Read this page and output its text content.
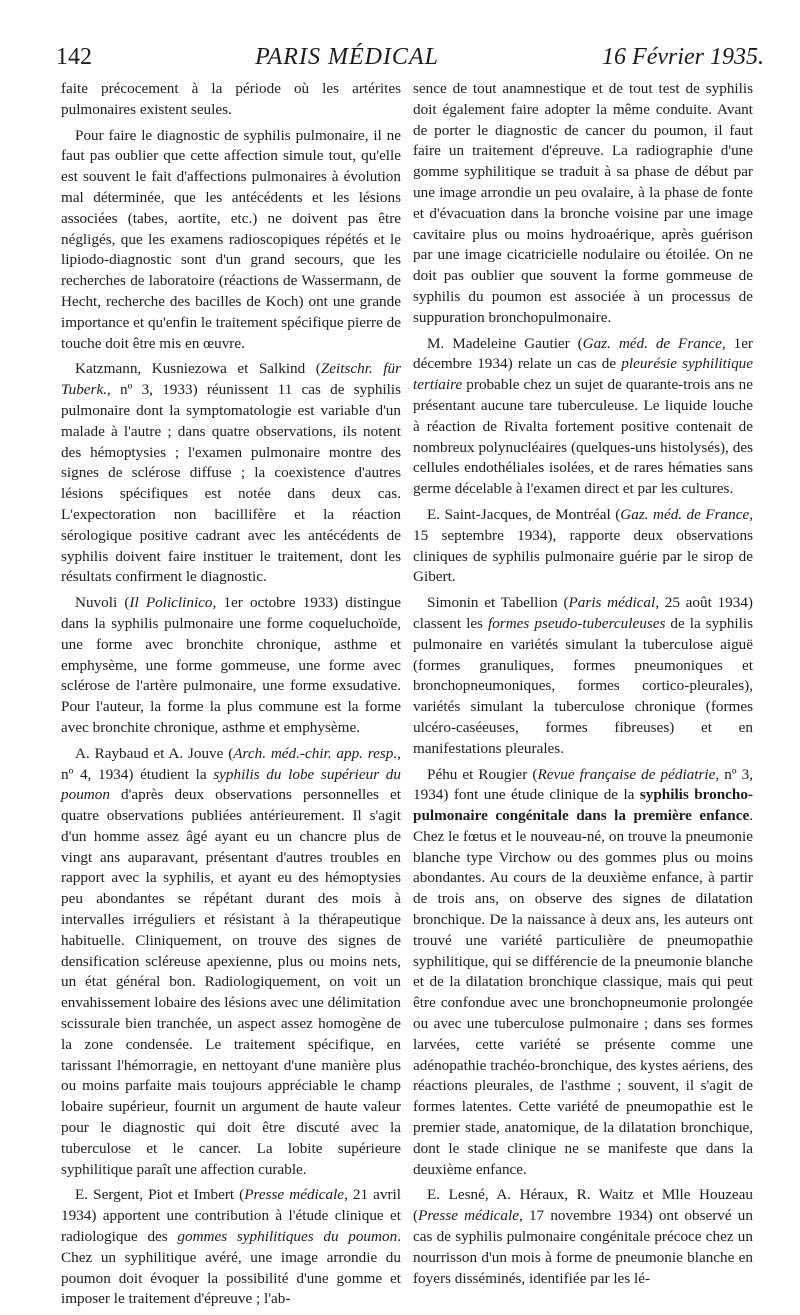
142	PARIS MÉDICAL	16 Février 1935.

faite précocement à la période où les artérites pulmonaires existent seules.

Pour faire le diagnostic de syphilis pulmonaire, il ne faut pas oublier que cette affection simule tout, qu'elle est souvent le fait d'affections pulmonaires à évolution mal déterminée, que les antécédents et les lésions associées (tabes, aortite, etc.) ne doivent pas être négligés, que les examens radioscopiques répétés et le lipiodo-diagnostic sont d'un grand secours, que les recherches de laboratoire (réactions de Wassermann, de Hecht, recherche des bacilles de Koch) ont une grande importance et qu'enfin le traitement spécifique pierre de touche doit être mis en œuvre.

Katzmann, Kusniezowa et Salkind (Zeitschr. für Tuberk., nº 3, 1933) réunissent 11 cas de syphilis pulmonaire dont la symptomatologie est variable d'un malade à l'autre ; dans quatre observations, ils notent des hémoptysies ; l'examen pulmonaire montre des signes de sclérose diffuse ; la coexistence d'autres lésions spécifiques est notée dans deux cas. L'expectoration non bacillifère et la réaction sérologique positive cadrant avec les antécédents de syphilis doivent faire instituer le traitement, dont les résultats confirment le diagnostic.

Nuvoli (Il Policlinico, 1er octobre 1933) distingue dans la syphilis pulmonaire une forme coqueluchoïde, une forme avec bronchite chronique, asthme et emphysème, une forme gommeuse, une forme avec sclérose de l'artère pulmonaire, une forme exsudative. Pour l'auteur, la forme la plus commune est la forme avec bronchite chronique, asthme et emphysème.

A. Raybaud et A. Jouve (Arch. méd.-chir. app. resp., nº 4, 1934) étudient la syphilis du lobe supérieur du poumon d'après deux observations personnelles et quatre observations publiées antérieurement. Il s'agit d'un homme assez âgé ayant eu un chancre plus de vingt ans auparavant, présentant d'autres troubles en rapport avec la syphilis, et ayant eu des hémoptysies peu abondantes se répétant durant des mois à intervalles irréguliers et résistant à la thérapeutique habituelle. Cliniquement, on trouve des signes de densification scléreuse apexienne, plus ou moins nets, un état général bon. Radiologiquement, on voit un envahissement lobaire des lésions avec une délimitation scissurale bien tranchée, un aspect assez homogène de la zone condensée. Le traitement spécifique, en tarissant l'hémorragie, en nettoyant d'une manière plus ou moins parfaite mais toujours appréciable le champ lobaire supérieur, fournit un argument de haute valeur pour le diagnostic qui doit être discuté avec la tuberculose et le cancer. La lobite supérieure syphilitique paraît une affection curable.

E. Sergent, Piot et Imbert (Presse médicale, 21 avril 1934) apportent une contribution à l'étude clinique et radiologique des gommes syphilitiques du poumon. Chez un syphilitique avéré, une image arrondie du poumon doit évoquer la possibilité d'une gomme et imposer le traitement d'épreuve ; l'ab-

sence de tout anamnestique et de tout test de syphilis doit également faire adopter la même conduite. Avant de porter le diagnostic de cancer du poumon, il faut faire un traitement d'épreuve. La radiographie d'une gomme syphilitique se traduit à sa phase de début par une image arrondie un peu ovalaire, à la phase de fonte et d'évacuation dans la bronche voisine par une image cavitaire plus ou moins hydroaérique, après guérison par une image cicatricielle nodulaire ou étoilée. On ne doit pas oublier que souvent la forme gommeuse de syphilis du poumon est associée à un processus de suppuration bronchopulmonaire.

M. Madeleine Gautier (Gaz. méd. de France, 1er décembre 1934) relate un cas de pleurésie syphilitique tertiaire probable chez un sujet de quarante-trois ans ne présentant aucune tare tuberculeuse. Le liquide louche à réaction de Rivalta fortement positive contenait de nombreux polynucléaires (quelques-uns histolysés), des cellules endothéliales isolées, et de rares hématies sans germe décelable à l'examen direct et par les cultures.

E. Saint-Jacques, de Montréal (Gaz. méd. de France, 15 septembre 1934), rapporte deux observations cliniques de syphilis pulmonaire guérie par le sirop de Gibert.

Simonin et Tabellion (Paris médical, 25 août 1934) classent les formes pseudo-tuberculeuses de la syphilis pulmonaire en variétés simulant la tuberculose aiguë (formes granuliques, formes pneumoniques et bronchopneumoniques, formes cortico-pleurales), variétés simulant la tuberculose chronique (formes ulcéro-caséeuses, formes fibreuses) et en manifestations pleurales.

Péhu et Rougier (Revue française de pédiatrie, nº 3, 1934) font une étude clinique de la syphilis broncho-pulmonaire congénitale dans la première enfance. Chez le fœtus et le nouveau-né, on trouve la pneumonie blanche type Virchow ou des gommes plus ou moins abondantes. Au cours de la deuxième enfance, à partir de trois ans, on observe des signes de dilatation bronchique. De la naissance à deux ans, les auteurs ont trouvé une variété particulière de pneumopathie syphilitique, qui se différencie de la pneumonie blanche et de la dilatation bronchique classique, mais qui peut être confondue avec une bronchopneumonie prolongée ou avec une tuberculose pulmonaire ; dans ses formes larvées, cette variété se présente comme une adénopathie trachéo-bronchique, des kystes aériens, des réactions pleurales, de l'asthme ; souvent, il s'agit de formes latentes. Cette variété de pneumopathie est le premier stade, anatomique, de la dilatation bronchique, dont le stade clinique ne se manifeste que dans la deuxième enfance.

E. Lesné, A. Héraux, R. Waitz et Mlle Houzeau (Presse médicale, 17 novembre 1934) ont observé un cas de syphilis pulmonaire congénitale précoce chez un nourrisson d'un mois à forme de pneumonie blanche en foyers disséminés, identifiée par les lé-
